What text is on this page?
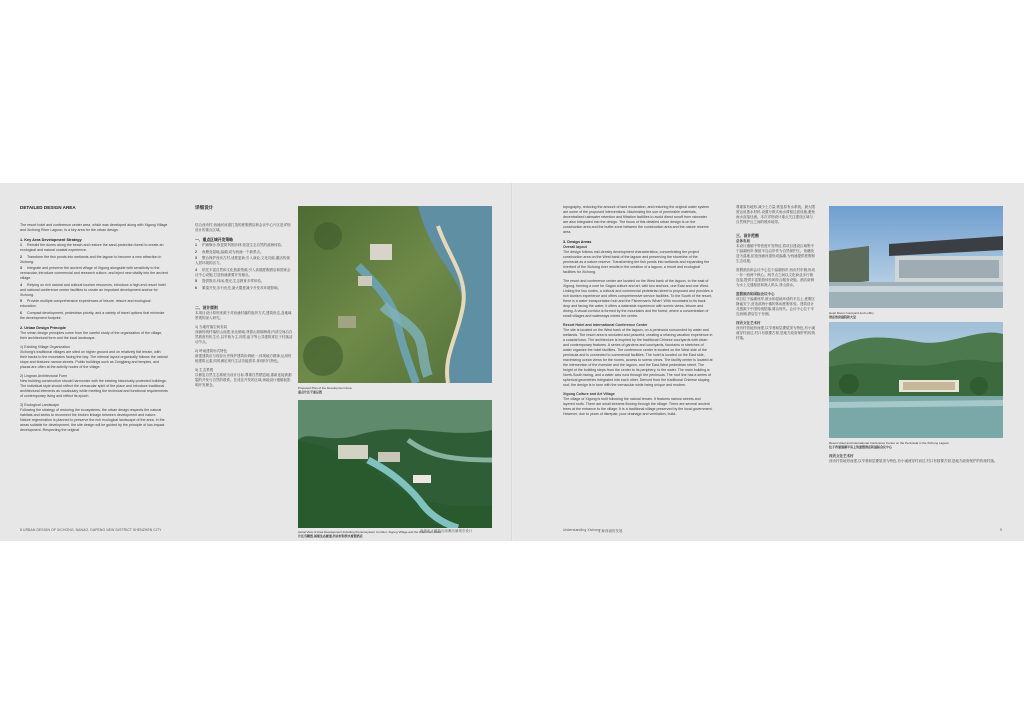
DETAILED DESIGN AREA

The resort hotel and conference center area, which was developed along with Xigong Village and Xichong River Lagoon, is a key area for the urban design.

1. Key Area Development Strategy
1 Rebuild the dunes along the beach and restore the sand-protection forest to create an ecological and natural coastal experience.
2 Transform the fish ponds into wetlands and the lagoon to become a new attraction in Xichong.
3 Integrate and preserve the ancient village of Xigong alongside with sensitivity to the vernacular, introduce commercial and research culture, and inject new vitality into the ancient village.
4 Relying on rich natural and cultural tourism resources, introduce a high-end resort hotel and national conference center facilities to create an important development anchor for Xichong.
5 Provide multiple comprehensive experiences of leisure, leisure and ecological education.
6 Compact development, pedestrian priority, and a variety of travel options that minimize the development footprint.
2. Urban Design Principle

The urban design principles come from the careful study of the organization of the village, their architectural form and the local landscape.

1) Existing Village Organization

Xichong's traditional villages are sited on higher ground and on relatively flat terrain, with their backs to the mountains facing the bay. The internal layout organically follows the natural slope and features narrow streets. Public buildings such as Zongjiang and temples, and plazas are often at the activity nodes of the village.

2) Lingnan Architectural Form

New building construction should harmonize with the existing historically protected buildings. The individual style should reflect the vernacular spirit of the place and introduce traditional architectural elements as vocabulary while meeting the technical and functional requirements of contemporary living and reflect its epoch.

3) Ecological Landscape

Following the strategy of restoring the ecosystems, the urban design respects the natural habitats and seeks to reconnect the broken linkage between development and nature. Nature regeneration is planned to preserve the rich ecological landscape of the area. In the areas suitable for development, the site design will be guided by the principle of low-impact development. Respecting the original

详细设计

结合西贡村,西涌河河道打造的度假酒店和会议中心片区是详细设计的重点区域。

一、重点区域开发策略
1 护滩修沙,恢复防风固沙林,营造生态自然的滨海体验。
2 鱼塘变湿地,潟湖,成为西涌一个新景点。
3 整合保护西贡古村,适度更新,引入商业,文化功能,激活传统人居环境的活力。
4 依托丰富自然和文化旅游资源,引入高端度假酒店和国家会议中心设施,打造西涌重要开发锚点。
5 提供娱乐,休闲,观光,生态教育多样体验。
6 紧凑开发,步行优先,最大限度减少开发对环境影响。
二、设计原则

本项目设计原则来源于对西涌村落的组织方式,建筑形态,及地域景观的深入研究。

1) 当地村落空间布局

西涌传统村落依山而建,坐北朝南,背靠山面朝海湾,内部空间沿自然坡度有机生长,以窄巷为主,祠堂,庙宇等公共建筑常位于村落活动节点。

2) 岭南建筑形式特色

新建建筑应与现存历史保护建筑协调统一,体现地方精神,运用传统建筑元素,同时满足现代生活功能需求,体现时代特色。

3) 生态景观

以修复自然生态系统为设计目标,尊重自然栖息地,重新连接被割裂的开发与自然的联系。在适宜开发的区域,场地设计遵循低影响开发理念。

Proposed Plan of the Development Area
重点片区平面总图
Aerial View of Area Development Including the Ecosystem Corridor, Xigong Village and the Waterfront Hotel
片区鸟瞰图,展现生态廊道,西贡村和滨水度假酒店
8 URBAN DESIGN OF XICHONG, NANAO, DAPENG NEW DISTRICT SHENZHEN CITY	深圳市大鹏新区南澳西涌城市设计

topography, reducing the amount of land excavation, and restoring the original water system are some of the proposed interventions. Maximizing the use of permeable materials, decentralized rainwater retention and filtration facilities to avoid direct runoff from rainwater are also integrated into the design. The focus of this detailed urban design is on the construction area and the buffer zone between the construction area and the nature reserve area.

3. Design Areas
Overall layout

The design follows mid-density development characteristics, concentrating the project construction area on the West bank of the lagoon and preserving the shoreline of the peninsula as a nature reserve. Transforming the fish ponds into wetlands and expanding the riverbed of the Xichong river results in the creation of a lagoon, a resort and ecological facilities for Xichong.

The resort and conference center are located on the West bank of the lagoon, to the east of Xigong, forming a core for Sagan culture and art, with two anchors, one East and one West. Linking the two nodes, a cultural and commercial pedestrian street is proposed and provides a rich tourism experience and offers comprehensive service facilities. To the South of the resort, there is a water transportation hub and the Fisherman's Wharf. With mountains to its back drop and facing the water, it offers a waterside experience with scenic views, leisure and dining. A visual corridor is formed by the mountains and the forest, where a concentration of small villages and waterways meets the centre.

Resort Hotel and International Conference Center

The site is located on the West bank of the lagoon, on a peninsula surrounded by water and wetlands. The resort area is secluded and peaceful, creating a relaxing vacation experience in a coastal town. The architecture is inspired by the traditional Chinese courtyards with clean and contemporary features. A series of gardens and courtyards, fountains or stretches of water organize the hotel facilities. The conference center is located on the West side of the peninsula and is connected to commercial facilities. The hotel is located on the East side, maximizing ocean views for the rooms, access to scenic views. The facility center is located at the intersection of the riverside and the lagoon, and the East-West pedestrian street. The height of the building steps from the center to its periphery, to the water. The main building is North-South facing, and a water axis runs through the peninsula. The roof line has a series of spherical geometries integrated into each other. Derived from the traditional Chinese sloping roof, the design is in tune with the vernacular while being unique and modern.

Xigong Culture and Art Village

The village of Xigong is built following the natural terrain. It features narrow streets and layered roofs. There are small streams flowing through the village. There are several ancient trees at the entrance to the village. It is a traditional village preserved by the local government. However, due to years of disrepair, poor drainage and ventilation, build-

尊重原有地形,减少土方量,恢复原有水系统。最大限度运用透水材料,设置分散式雨水滞留过滤设施,避免雨水直接径流。本次详细设计重点关注建设区域与自然保护区之间的缓冲地带。

三、设计范围
总体布局

本设计遵循中等密度开发特征,将项目建设区域集中于潟湖西岸,保留半岛沿岸作为自然保护区。鱼塘改造为湿地,拓宽西涌河道形成潟湖,为西涌提供度假和生态设施。

度假酒店和会议中心位于潟湖西岸,西贡村东侧,形成一东一西两个核心。两节点之间以文化商业步行街连接,提供丰富旅游体验和综合服务设施。酒店南侧为水上交通枢纽和渔人码头,背山面水。

度假酒店和国际会议中心

项目位于潟湖西岸,被水和湿地环绕的半岛上,度假区静谧安宁,营造滨海小镇的休闲度假体验。建筑设计灵感源于中国传统院落,简洁现代。会议中心位于半岛西侧,酒店位于东侧。

西贡文化艺术村

西贡村依地形而建,以窄巷和层叠屋顶为特色,有小溪流穿村而过,村口有数棵古树,是地方政府保护的传统村落。

Hotel Room Courtyard and Lobby
酒店客房庭院和大堂
Resort Hotel and International Conference Center on the Peninsula in the Xichong Lagoon
位于西涌潟湖半岛上的度假酒店和国际会议中心
西贡文化艺术村

西贡村依地形而建,以窄巷和层叠屋顶为特色,有小溪流穿村而过,村口有数棵古树,是地方政府保护的传统村落。

Understanding Xichong
了解西涌的发展	9
